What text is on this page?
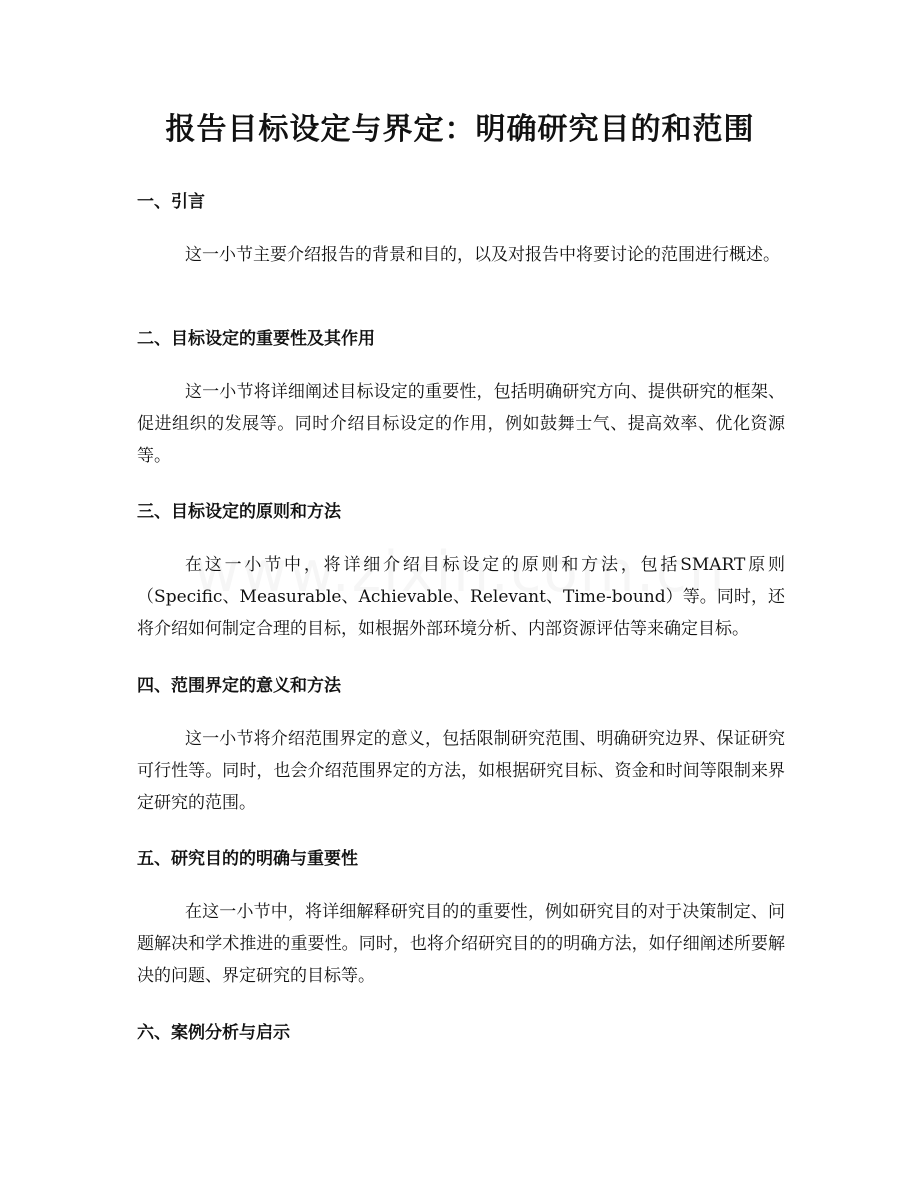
报告目标设定与界定：明确研究目的和范围
一、引言

这一小节主要介绍报告的背景和目的，以及对报告中将要讨论的范围进行概述。

二、目标设定的重要性及其作用

这一小节将详细阐述目标设定的重要性，包括明确研究方向、提供研究的框架、促进组织的发展等。同时介绍目标设定的作用，例如鼓舞士气、提高效率、优化资源等。

三、目标设定的原则和方法

在这一小节中，将详细介绍目标设定的原则和方法，包括SMART原则（Specific、Measurable、Achievable、Relevant、Time-bound）等。同时，还将介绍如何制定合理的目标，如根据外部环境分析、内部资源评估等来确定目标。

四、范围界定的意义和方法

这一小节将介绍范围界定的意义，包括限制研究范围、明确研究边界、保证研究可行性等。同时，也会介绍范围界定的方法，如根据研究目标、资金和时间等限制来界定研究的范围。

五、研究目的的明确与重要性

在这一小节中，将详细解释研究目的的重要性，例如研究目的对于决策制定、问题解决和学术推进的重要性。同时，也将介绍研究目的的明确方法，如仔细阐述所要解决的问题、界定研究的目标等。

六、案例分析与启示
